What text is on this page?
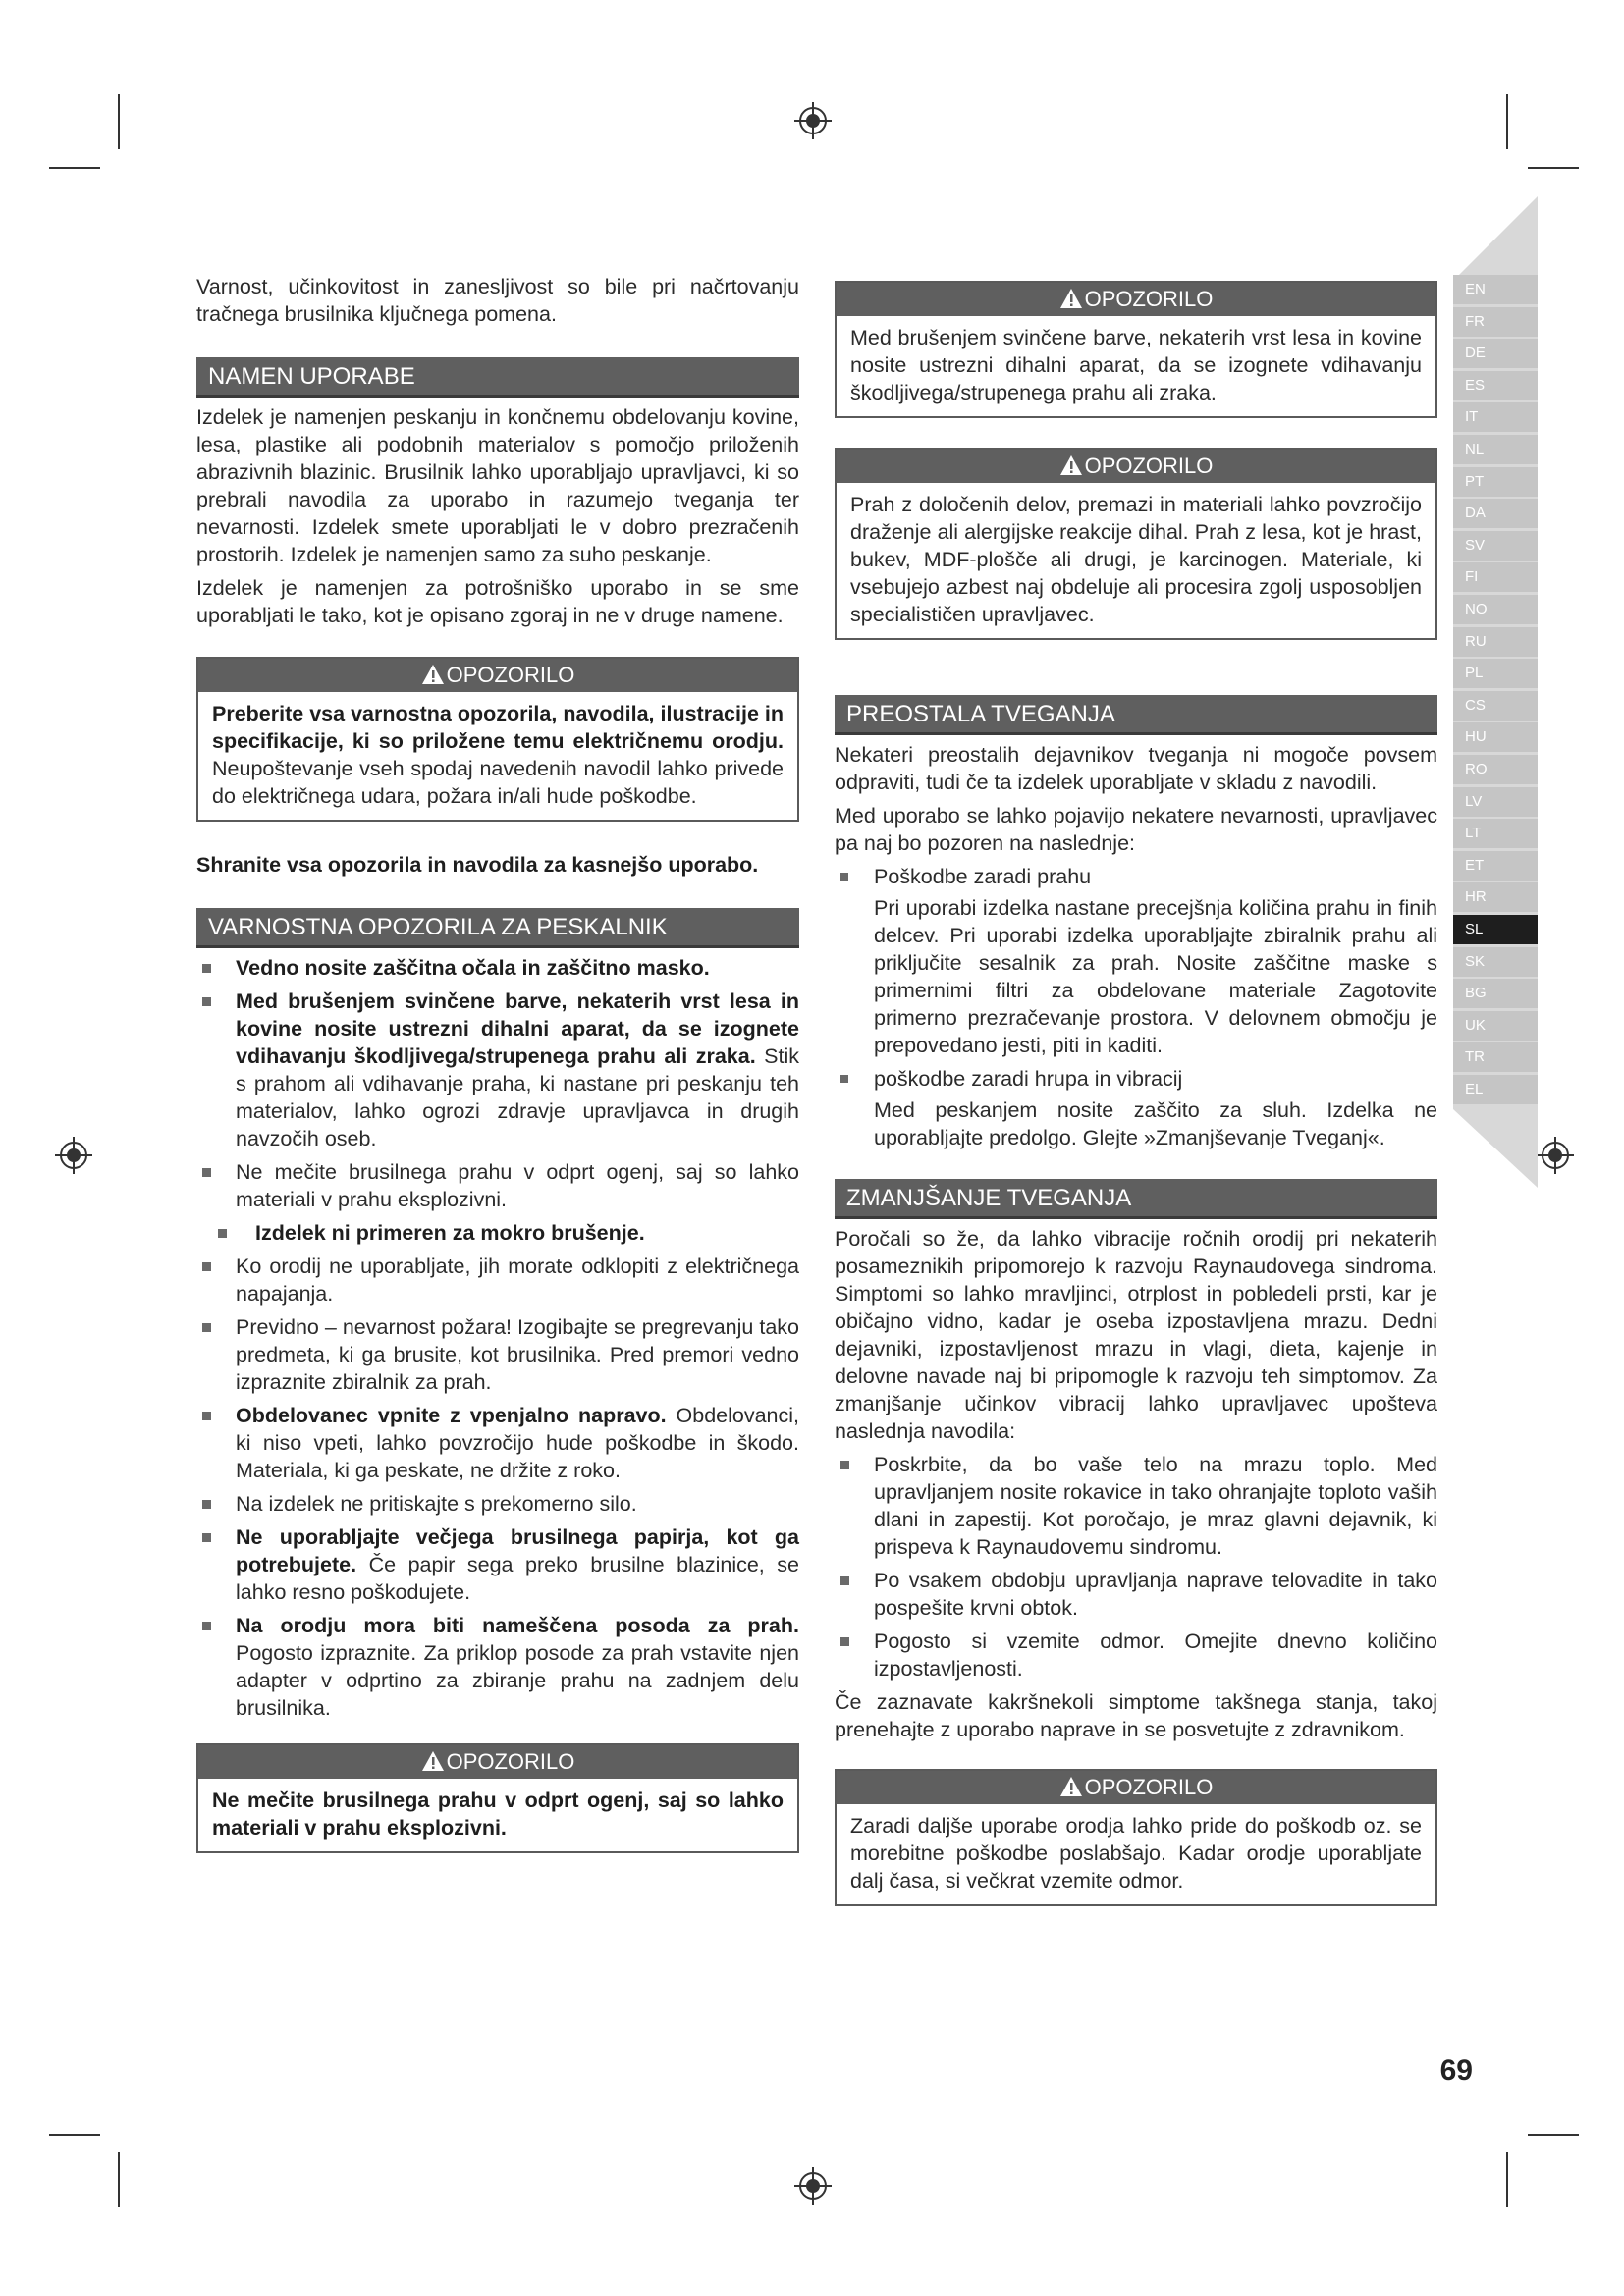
EN
FR
DE
ES
IT
NL
PT
DA
SV
FI
NO
RU
PL
CS
HU
RO
LV
LT
ET
HR
SL
SK
BG
UK
TR
EL

Varnost, učinkovitost in zanesljivost so bile pri načrtovanju tračnega brusilnika ključnega pomena.

NAMEN UPORABE

Izdelek je namenjen peskanju in končnemu obdelovanju kovine, lesa, plastike ali podobnih materialov s pomočjo priloženih abrazivnih blazinic. Brusilnik lahko uporabljajo upravljavci, ki so prebrali navodila za uporabo in razumejo tveganja ter nevarnosti. Izdelek smete uporabljati le v dobro prezračenih prostorih. Izdelek je namenjen samo za suho peskanje.

Izdelek je namenjen za potrošniško uporabo in se sme uporabljati le tako, kot je opisano zgoraj in ne v druge namene.

OPOZORILO
Preberite vsa varnostna opozorila, navodila, ilustracije in specifikacije, ki so priložene temu električnemu orodju. Neupoštevanje vseh spodaj navedenih navodil lahko privede do električnega udara, požara in/ali hude poškodbe.

Shranite vsa opozorila in navodila za kasnejšo uporabo.

VARNOSTNA OPOZORILA ZA PESKALNIK
Vedno nosite zaščitna očala in zaščitno masko.
Med brušenjem svinčene barve, nekaterih vrst lesa in kovine nosite ustrezni dihalni aparat, da se izognete vdihavanju škodljivega/strupenega prahu ali zraka. Stik s prahom ali vdihavanje praha, ki nastane pri peskanju teh materialov, lahko ogrozi zdravje upravljavca in drugih navzočih oseb.
Ne mečite brusilnega prahu v odprt ogenj, saj so lahko materiali v prahu eksplozivni.
Izdelek ni primeren za mokro brušenje.
Ko orodij ne uporabljate, jih morate odklopiti z električnega napajanja.
Previdno – nevarnost požara! Izogibajte se pregrevanju tako predmeta, ki ga brusite, kot brusilnika. Pred premori vedno izpraznite zbiralnik za prah.
Obdelovanec vpnite z vpenjalno napravo. Obdelovanci, ki niso vpeti, lahko povzročijo hude poškodbe in škodo. Materiala, ki ga peskate, ne držite z roko.
Na izdelek ne pritiskajte s prekomerno silo.
Ne uporabljajte večjega brusilnega papirja, kot ga potrebujete. Če papir sega preko brusilne blazinice, se lahko resno poškodujete.
Na orodju mora biti nameščena posoda za prah. Pogosto izpraznite. Za priklop posode za prah vstavite njen adapter v odprtino za zbiranje prahu na zadnjem delu brusilnika.
OPOZORILO
Ne mečite brusilnega prahu v odprt ogenj, saj so lahko materiali v prahu eksplozivni.
OPOZORILO
Med brušenjem svinčene barve, nekaterih vrst lesa in kovine nosite ustrezni dihalni aparat, da se izognete vdihavanju škodljivega/strupenega prahu ali zraka.
OPOZORILO
Prah z določenih delov, premazi in materiali lahko povzročijo draženje ali alergijske reakcije dihal. Prah z lesa, kot je hrast, bukev, MDF-plošče ali drugi, je karcinogen. Materiale, ki vsebujejo azbest naj obdeluje ali procesira zgolj usposobljen specialističen upravljavec.
PREOSTALA TVEGANJA

Nekateri preostalih dejavnikov tveganja ni mogoče povsem odpraviti, tudi če ta izdelek uporabljate v skladu z navodili.

Med uporabo se lahko pojavijo nekatere nevarnosti, upravljavec pa naj bo pozoren na naslednje:

Poškodbe zaradi prahu
Pri uporabi izdelka nastane precejšnja količina prahu in finih delcev. Pri uporabi izdelka uporabljajte zbiralnik prahu ali priključite sesalnik za prah. Nosite zaščitne maske s primernimi filtri za obdelovane materiale Zagotovite primerno prezračevanje prostora. V delovnem območju je prepovedano jesti, piti in kaditi.
poškodbe zaradi hrupa in vibracij
Med peskanjem nosite zaščito za sluh. Izdelka ne uporabljajte predolgo. Glejte »Zmanjševanje Tveganj«.
ZMANJŠANJE TVEGANJA

Poročali so že, da lahko vibracije ročnih orodij pri nekaterih posameznikih pripomorejo k razvoju Raynaudovega sindroma. Simptomi so lahko mravljinci, otrplost in pobledeli prsti, kar je običajno vidno, kadar je oseba izpostavljena mrazu. Dedni dejavniki, izpostavljenost mrazu in vlagi, dieta, kajenje in delovne navade naj bi pripomogle k razvoju teh simptomov. Za zmanjšanje učinkov vibracij lahko upravljavec upošteva naslednja navodila:

Poskrbite, da bo vaše telo na mrazu toplo. Med upravljanjem nosite rokavice in tako ohranjajte toploto vaših dlani in zapestij. Kot poročajo, je mraz glavni dejavnik, ki prispeva k Raynaudovemu sindromu.
Po vsakem obdobju upravljanja naprave telovadite in tako pospešite krvni obtok.
Pogosto si vzemite odmor. Omejite dnevno količino izpostavljenosti.

Če zaznavate kakršnekoli simptome takšnega stanja, takoj prenehajte z uporabo naprave in se posvetujte z zdravnikom.

OPOZORILO
Zaradi daljše uporabe orodja lahko pride do poškodb oz. se morebitne poškodbe poslabšajo. Kadar orodje uporabljate dalj časa, si večkrat vzemite odmor.
69
